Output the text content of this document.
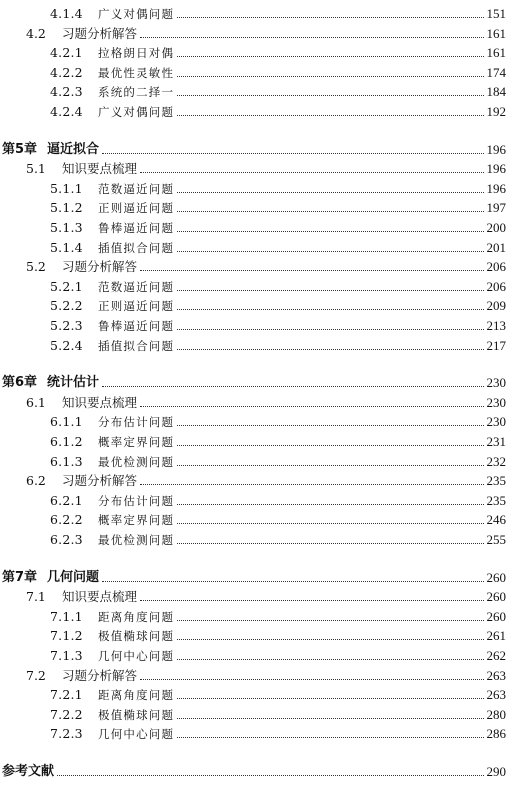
4.1.4	广义对偶问题	151
4.2	习题分析解答	161
4.2.1	拉格朗日对偶	161
4.2.2	最优性灵敏性	174
4.2.3	系统的二择一	184
4.2.4	广义对偶问题	192
第5章 逼近拟合	196
5.1	知识要点梳理	196
5.1.1	范数逼近问题	196
5.1.2	正则逼近问题	197
5.1.3	鲁棒逼近问题	200
5.1.4	插值拟合问题	201
5.2	习题分析解答	206
5.2.1	范数逼近问题	206
5.2.2	正则逼近问题	209
5.2.3	鲁棒逼近问题	213
5.2.4	插值拟合问题	217
第6章 统计估计	230
6.1	知识要点梳理	230
6.1.1	分布估计问题	230
6.1.2	概率定界问题	231
6.1.3	最优检测问题	232
6.2	习题分析解答	235
6.2.1	分布估计问题	235
6.2.2	概率定界问题	246
6.2.3	最优检测问题	255
第7章 几何问题	260
7.1	知识要点梳理	260
7.1.1	距离角度问题	260
7.1.2	极值椭球问题	261
7.1.3	几何中心问题	262
7.2	习题分析解答	263
7.2.1	距离角度问题	263
7.2.2	极值椭球问题	280
7.2.3	几何中心问题	286
参考文献	290
